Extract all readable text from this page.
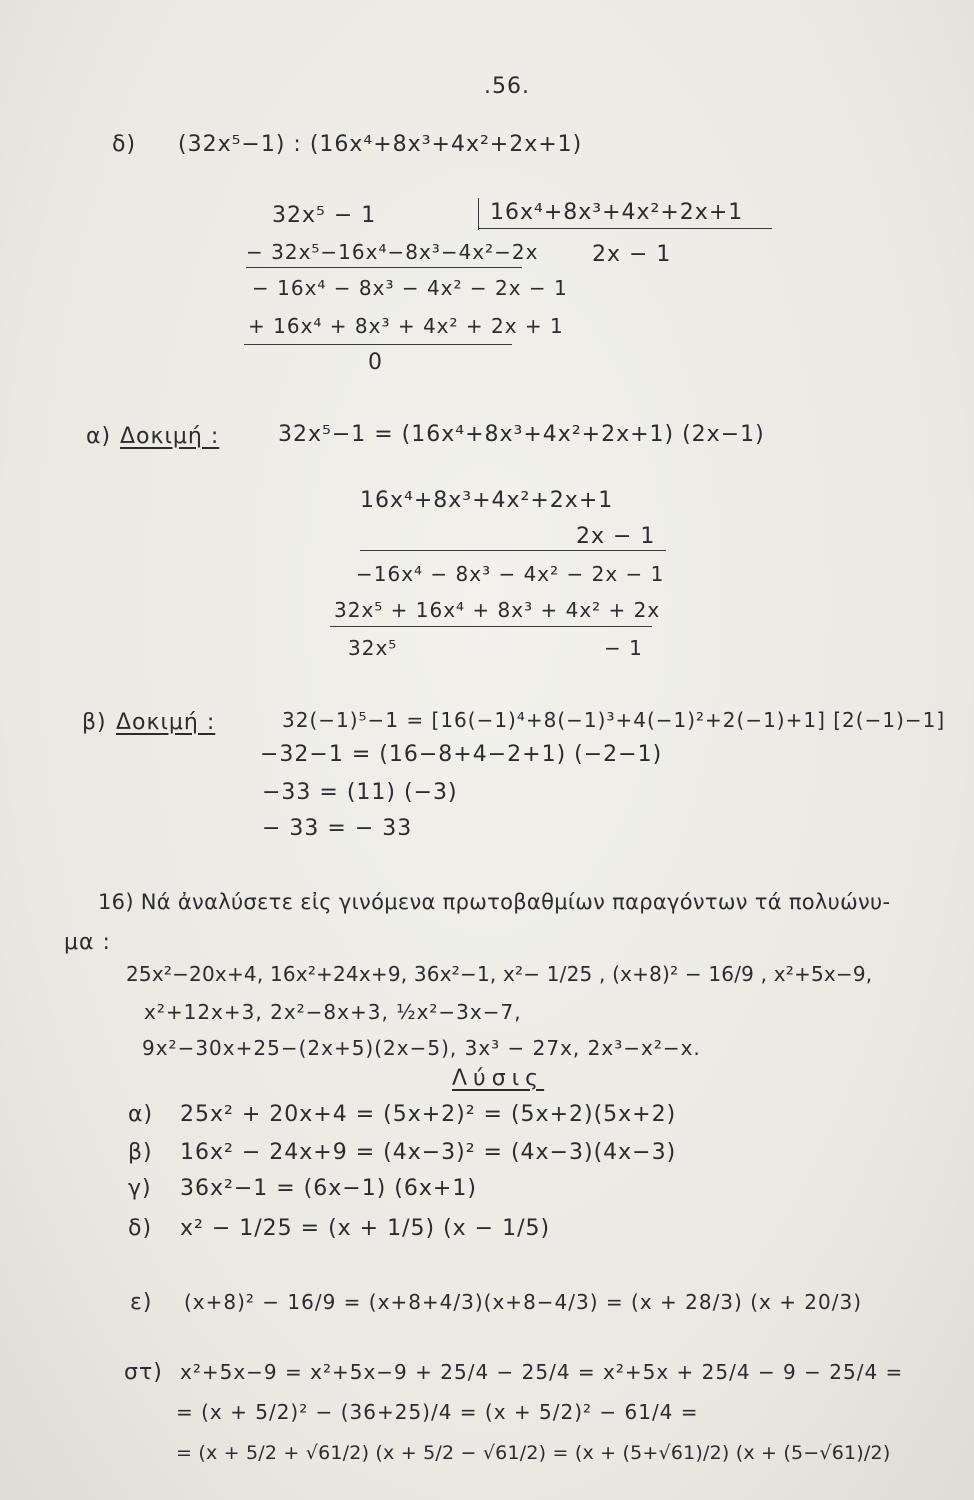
.56.
δ) (32x⁵−1) : (16x⁴+8x³+4x²+2x+1)
32x⁵ − 1	16x⁴+8x³+4x²+2x+1
2x − 1
− 32x⁵−16x⁴−8x³−4x²−2x
− 16x⁴ − 8x³ − 4x² − 2x − 1
+ 16x⁴ + 8x³ + 4x² + 2x + 1
0
α) Δοκιμή :	32x⁵−1 = (16x⁴+8x³+4x²+2x+1) (2x−1)
16x⁴+8x³+4x²+2x+1
2x − 1
−16x⁴ − 8x³ − 4x² − 2x − 1
32x⁵ + 16x⁴ + 8x³ + 4x² + 2x
32x⁵	− 1
β) Δοκιμή :	32(−1)⁵−1 = [16(−1)⁴+8(−1)³+4(−1)²+2(−1)+1] [2(−1)−1]
−32−1 = (16−8+4−2+1) (−2−1)
−33 = (11) (−3)
− 33 = − 33
16) Νά ἀναλύσετε εἰς γινόμενα πρωτοβαθμίων παραγόντων τά πολυώνυ-
μα :
25x²−20x+4, 16x²+24x+9, 36x²−1, x²− 1/25 , (x+8)² − 16/9 , x²+5x−9,
x²+12x+3, 2x²−8x+3, ½x²−3x−7,
9x²−30x+25−(2x+5)(2x−5), 3x³ − 27x, 2x³−x²−x.
Λύσις
α) 25x² + 20x+4 = (5x+2)² = (5x+2)(5x+2)
β) 16x² − 24x+9 = (4x−3)² = (4x−3)(4x−3)
γ) 36x²−1 = (6x−1) (6x+1)
δ) x² − 1/25 = (x + 1/5) (x − 1/5)
ε) (x+8)² − 16/9 = (x+8+4/3)(x+8−4/3) = (x + 28/3) (x + 20/3)
στ) x²+5x−9 = x²+5x−9 + 25/4 − 25/4 = x²+5x + 25/4 − 9 − 25/4 =
= (x + 5/2)² − (36+25)/4 = (x + 5/2)² − 61/4 =
= (x + 5/2 + √61/2) (x + 5/2 − √61/2) = (x + (5+√61)/2) (x + (5−√61)/2)
